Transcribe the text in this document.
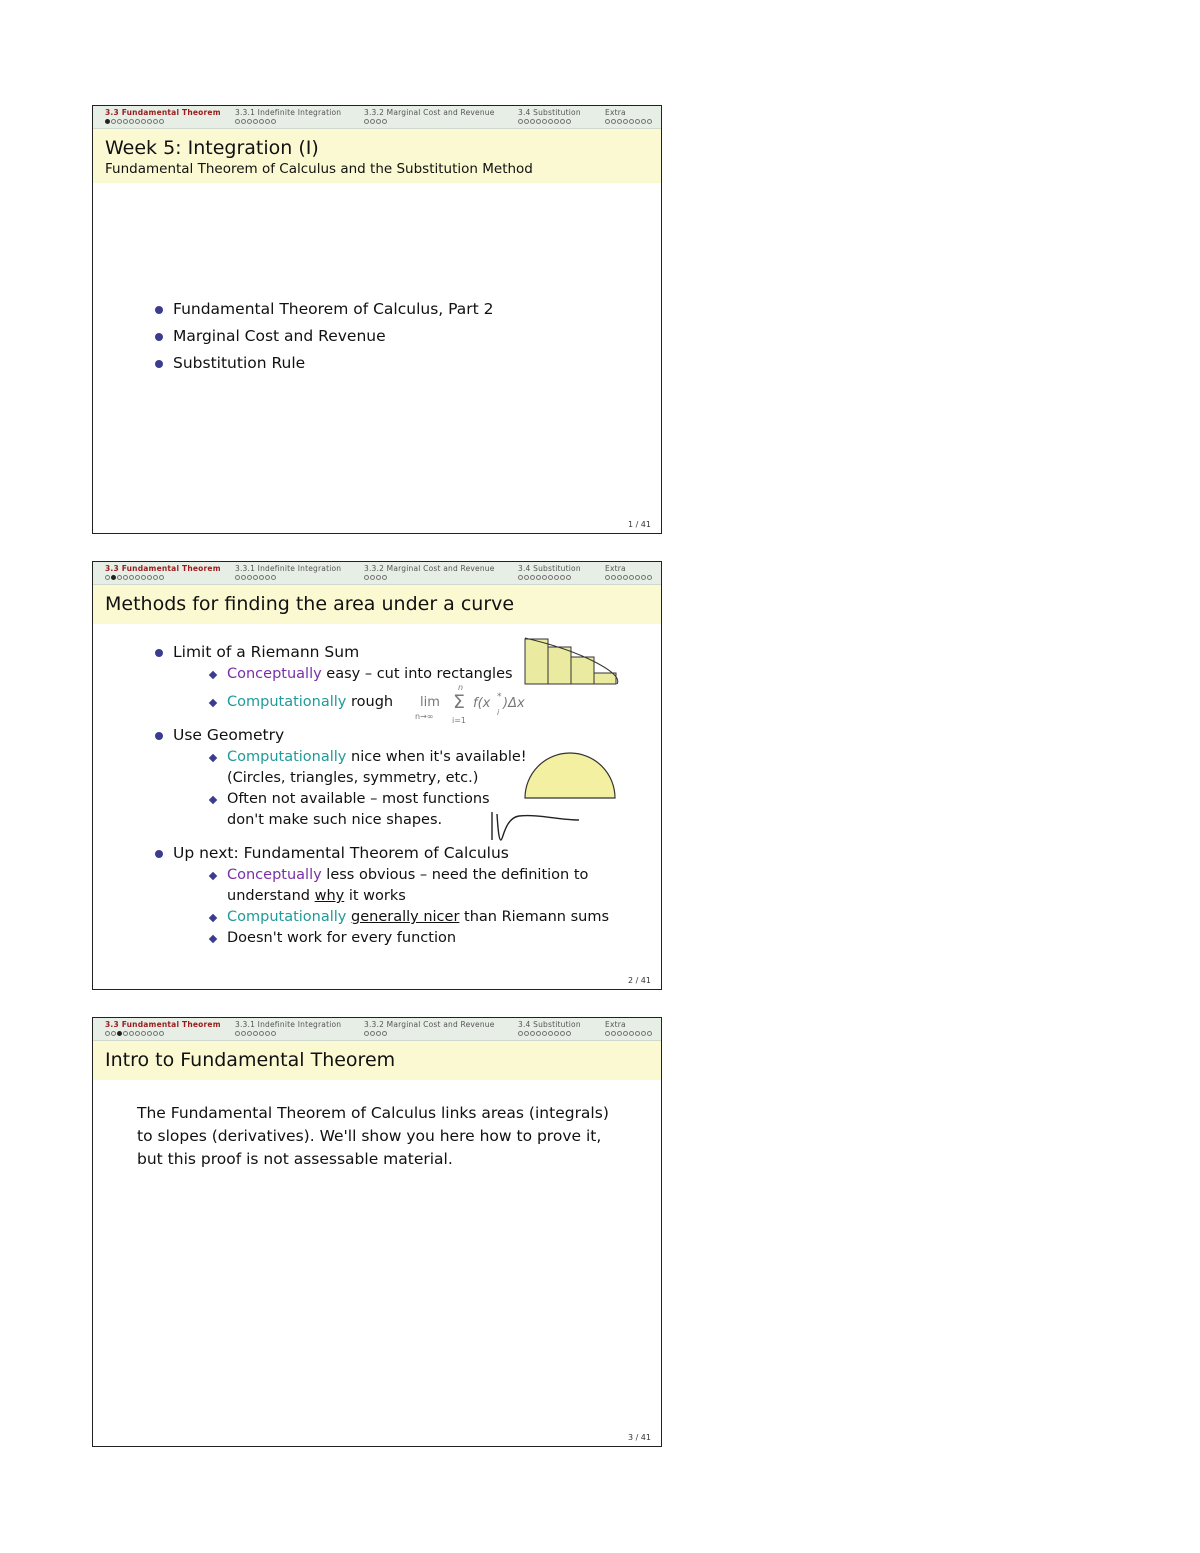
3.3 Fundamental Theorem 3.3.1 Indefinite Integration	3.3.2 Marginal Cost and Revenue	3.4 Substitution	Extra
Week 5: Integration (I)
Fundamental Theorem of Calculus and the Substitution Method
Fundamental Theorem of Calculus, Part 2
Marginal Cost and Revenue
Substitution Rule
1 / 41
3.3 Fundamental Theorem 3.3.1 Indefinite Integration	3.3.2 Marginal Cost and Revenue	3.4 Substitution	Extra
Methods for finding the area under a curve
Limit of a Riemann Sum
Conceptually easy – cut into rectangles
Computationally rough
Use Geometry
Computationally nice when it's available!
(Circles, triangles, symmetry, etc.)
Often not available – most functions
don't make such nice shapes.
Up next: Fundamental Theorem of Calculus
Conceptually less obvious – need the definition to
understand why it works
Computationally generally nicer than Riemann sums
Doesn't work for every function
lim
n→∞
n
Σ
i=1
f(x *
i
)Δx
2 / 41
3.3 Fundamental Theorem 3.3.1 Indefinite Integration	3.3.2 Marginal Cost and Revenue	3.4 Substitution	Extra
Intro to Fundamental Theorem
The Fundamental Theorem of Calculus links areas (integrals)
to slopes (derivatives). We'll show you here how to prove it,
but this proof is not assessable material.
3 / 41
